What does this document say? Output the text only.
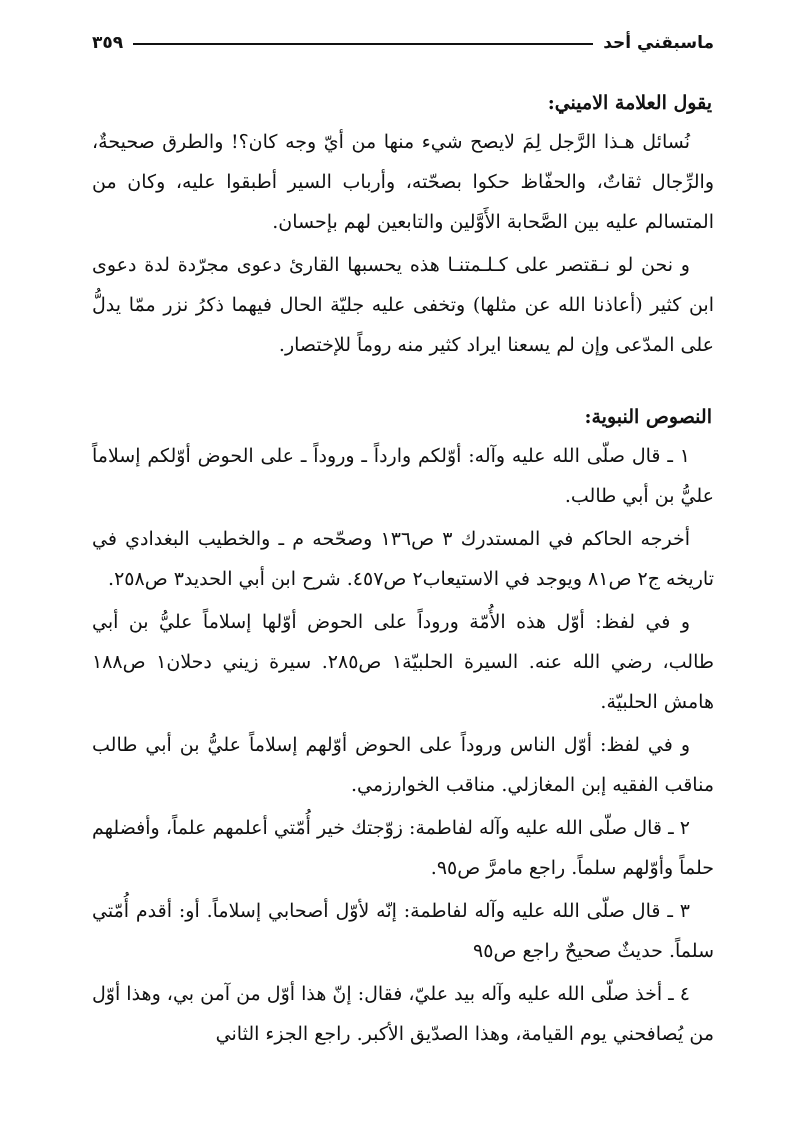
ماسبقني أحد
٣٥٩

يقول العلامة الاميني:

نُسائل هـذا الرَّجل لِمَ لايصح شيء منها من أيّ وجه كان؟! والطرق صحيحةٌ، والرِّجال ثقاتٌ، والحفّاظ حكوا بصحّته، وأرباب السير أطبقوا عليه، وكان من المتسالم عليه بين الصَّحابة الأَوَّلين والتابعين لهم بإحسان.

و نحن لو نـقتصر على كـلـمتنـا هذه يحسبها القارئ دعوى مجرّدة لدة دعوى ابن كثير (أعاذنا الله عن مثلها) وتخفى عليه جليّة الحال فيهما ذكرُ نزر ممّا يدلُّ على المدّعى وإن لم يسعنا ايراد كثير منه روماً للإختصار.

النصوص النبوية:

١ ـ قال صلّى الله عليه وآله: أوّلكم وارداً ـ وروداً ـ على الحوض أوّلكم إسلاماً عليُّ بن أبي طالب.

أخرجه الحاكم في المستدرك ٣ ص١٣٦ وصحّحه م ـ والخطيب البغدادي في تاريخه ج٢ ص٨١ ويوجد في الاستيعاب٢ ص٤٥٧. شرح ابن أبي الحديد٣ ص٢٥٨.

و في لفظ: أوّل هذه الأُمّة وروداً على الحوض أوّلها إسلاماً عليُّ بن أبي طالب، رضي الله عنه. السيرة الحلبيّة١ ص٢٨٥. سيرة زيني دحلان١ ص١٨٨ هامش الحلبيّة.

و في لفظ: أوّل الناس وروداً على الحوض أوّلهم إسلاماً عليُّ بن أبي طالب مناقب الفقيه إبن المغازلي. مناقب الخوارزمي.

٢ ـ قال صلّى الله عليه وآله لفاطمة: زوّجتك خير أُمّتي أعلمهم علماً، وأفضلهم حلماً وأوّلهم سلماً. راجع مامرَّ ص٩٥.

٣ ـ قال صلّى الله عليه وآله لفاطمة: إنّه لأوّل أصحابي إسلاماً. أو: أقدم أُمّتي سلماً. حديثٌ صحيحٌ راجع ص٩٥

٤ ـ أخذ صلّى الله عليه وآله بيد عليّ، فقال: إنّ هذا أوّل من آمن بي، وهذا أوّل من يُصافحني يوم القيامة، وهذا الصدّيق الأكبر. راجع الجزء الثاني
